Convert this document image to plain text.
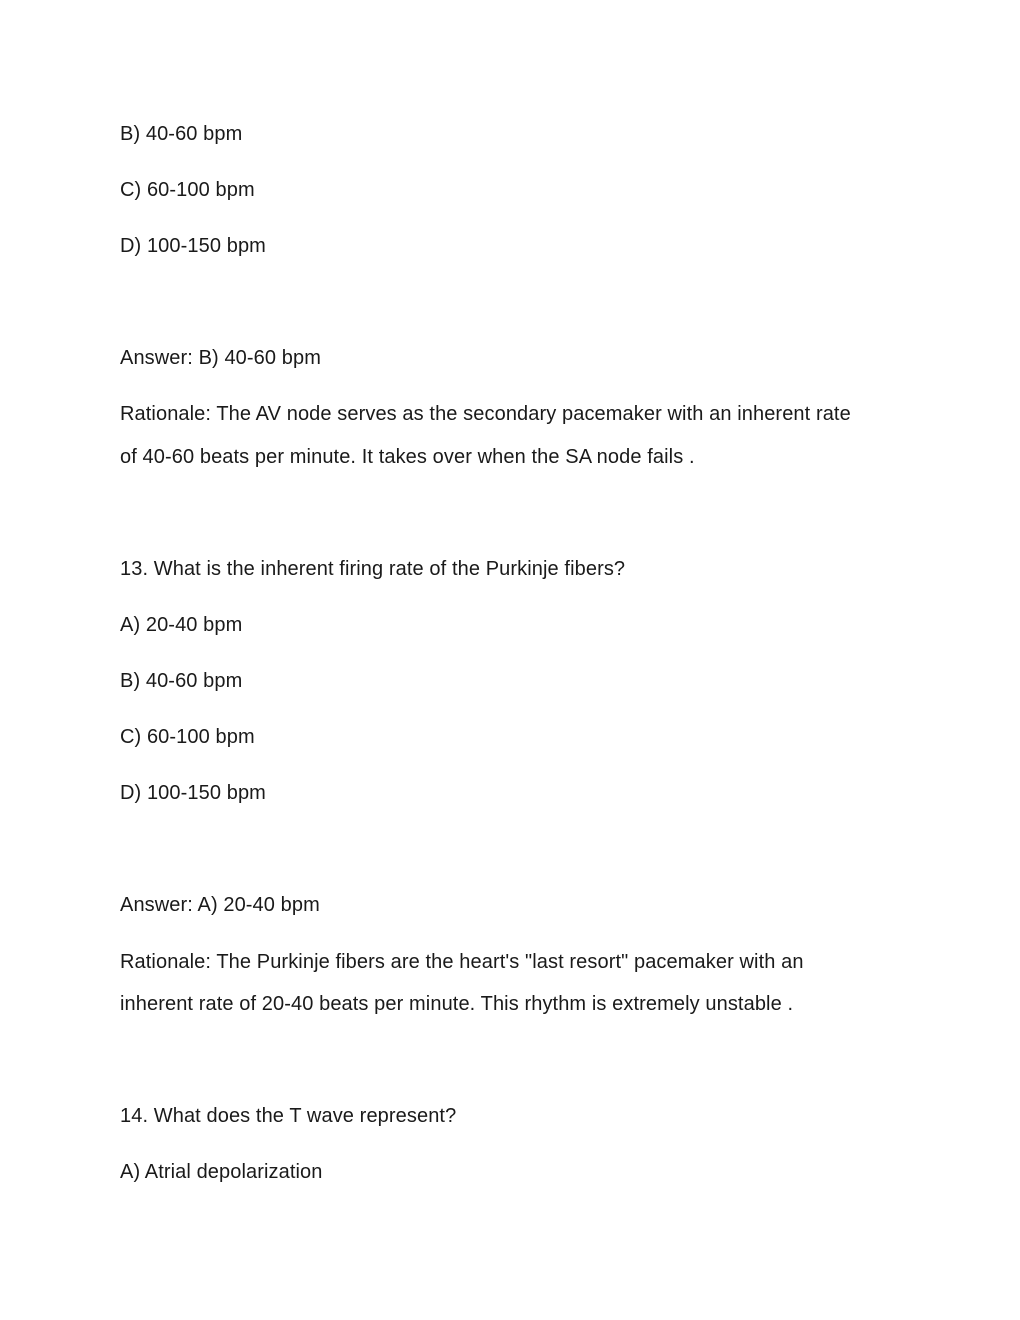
B) 40-60 bpm
C) 60-100 bpm
D) 100-150 bpm
Answer: B) 40-60 bpm
Rationale: The AV node serves as the secondary pacemaker with an inherent rate
of 40-60 beats per minute. It takes over when the SA node fails .
13. What is the inherent firing rate of the Purkinje fibers?
A) 20-40 bpm
B) 40-60 bpm
C) 60-100 bpm
D) 100-150 bpm
Answer: A) 20-40 bpm
Rationale: The Purkinje fibers are the heart's "last resort" pacemaker with an
inherent rate of 20-40 beats per minute. This rhythm is extremely unstable .
14. What does the T wave represent?
A) Atrial depolarization
